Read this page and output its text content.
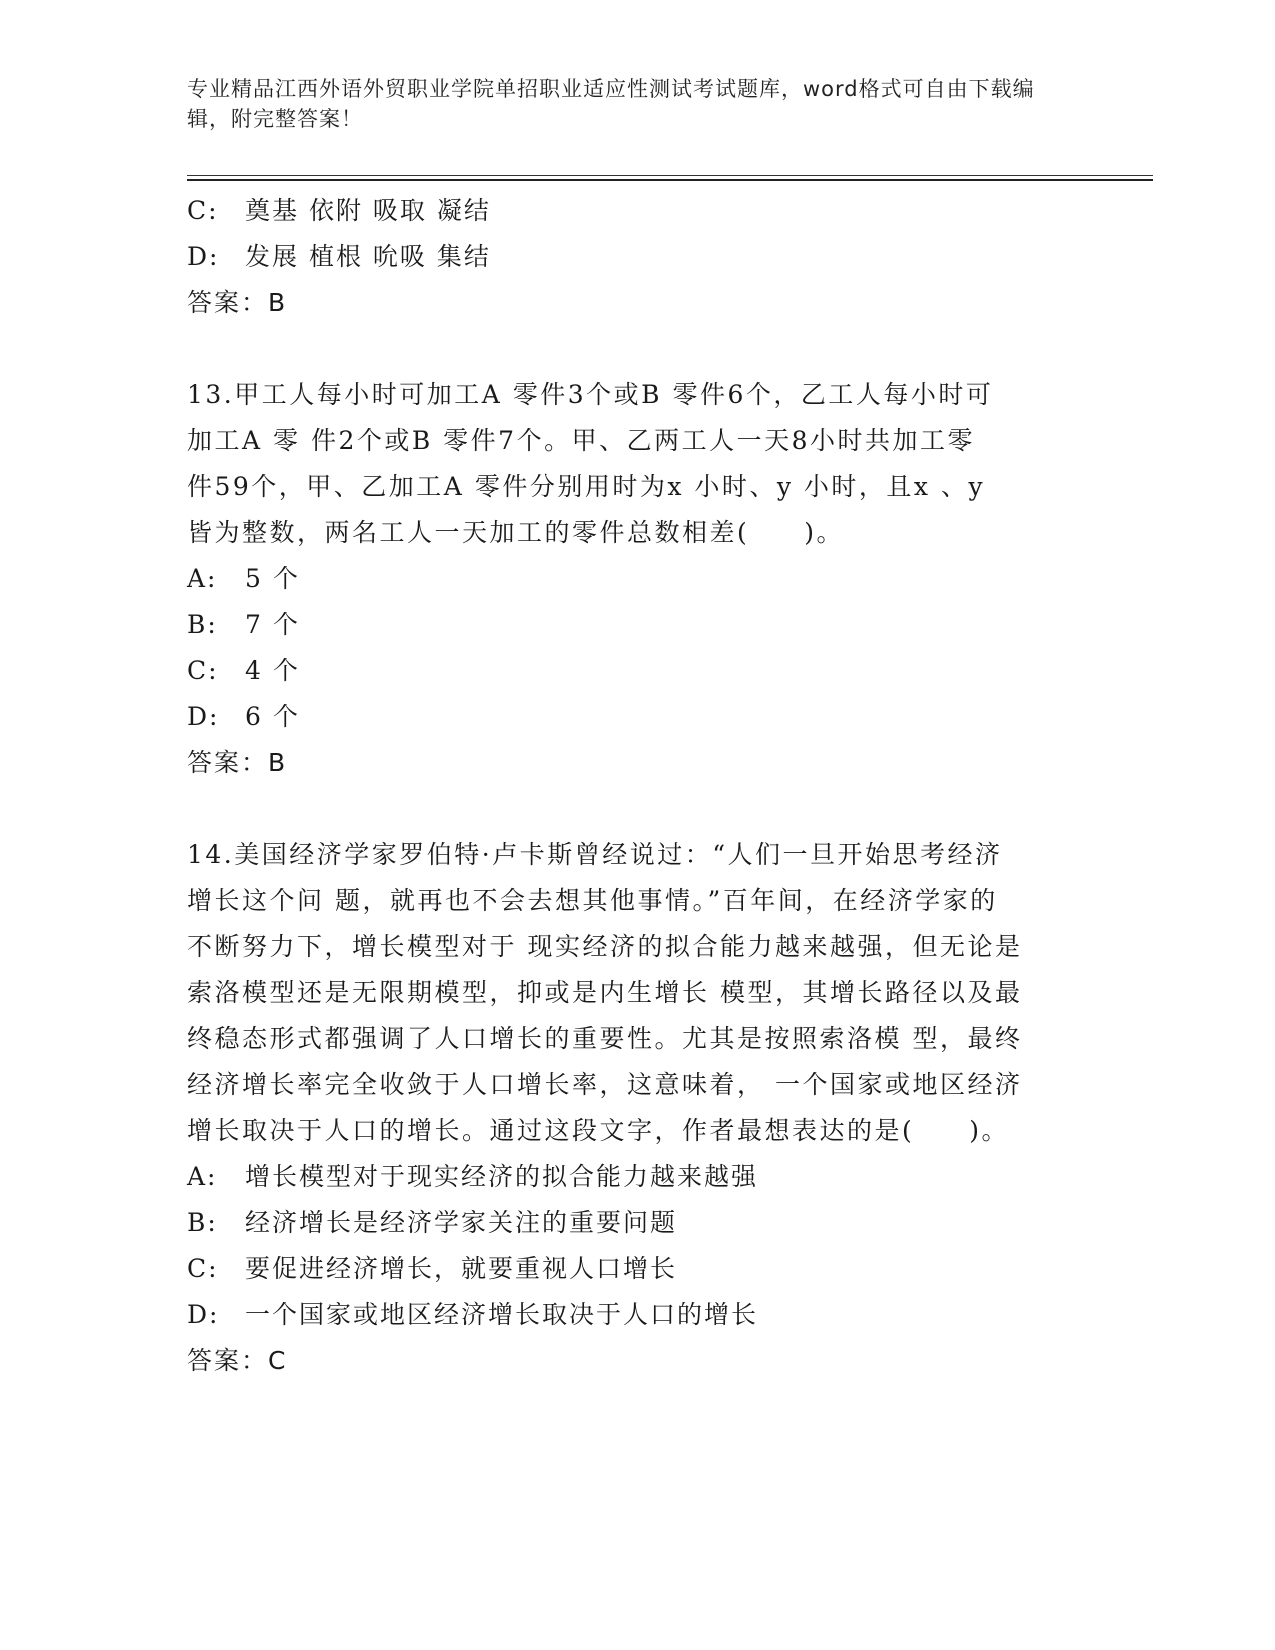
专业精品江西外语外贸职业学院单招职业适应性测试考试题库，word格式可自由下载编辑，附完整答案！
C: 奠基 依附 吸取 凝结
D: 发展 植根 吮吸 集结
答案：B
13.甲工人每小时可加工A 零件3个或B 零件6个，乙工人每小时可
加工A 零 件2个或B 零件7个。甲、乙两工人一天8小时共加工零
件59个，甲、乙加工A 零件分别用时为x 小时、y 小时，且x 、y
皆为整数，两名工人一天加工的零件总数相差(　　)。
A: 5 个
B: 7 个
C: 4 个
D: 6 个
答案：B
14.美国经济学家罗伯特·卢卡斯曾经说过：“人们一旦开始思考经济
增长这个问 题，就再也不会去想其他事情。”百年间，在经济学家的
不断努力下，增长模型对于 现实经济的拟合能力越来越强，但无论是
索洛模型还是无限期模型，抑或是内生增长 模型，其增长路径以及最
终稳态形式都强调了人口增长的重要性。尤其是按照索洛模 型，最终
经济增长率完全收敛于人口增长率，这意味着， 一个国家或地区经济
增长取决于人口的增长。通过这段文字，作者最想表达的是(　　)。
A: 增长模型对于现实经济的拟合能力越来越强
B: 经济增长是经济学家关注的重要问题
C: 要促进经济增长，就要重视人口增长
D: 一个国家或地区经济增长取决于人口的增长
答案：C
